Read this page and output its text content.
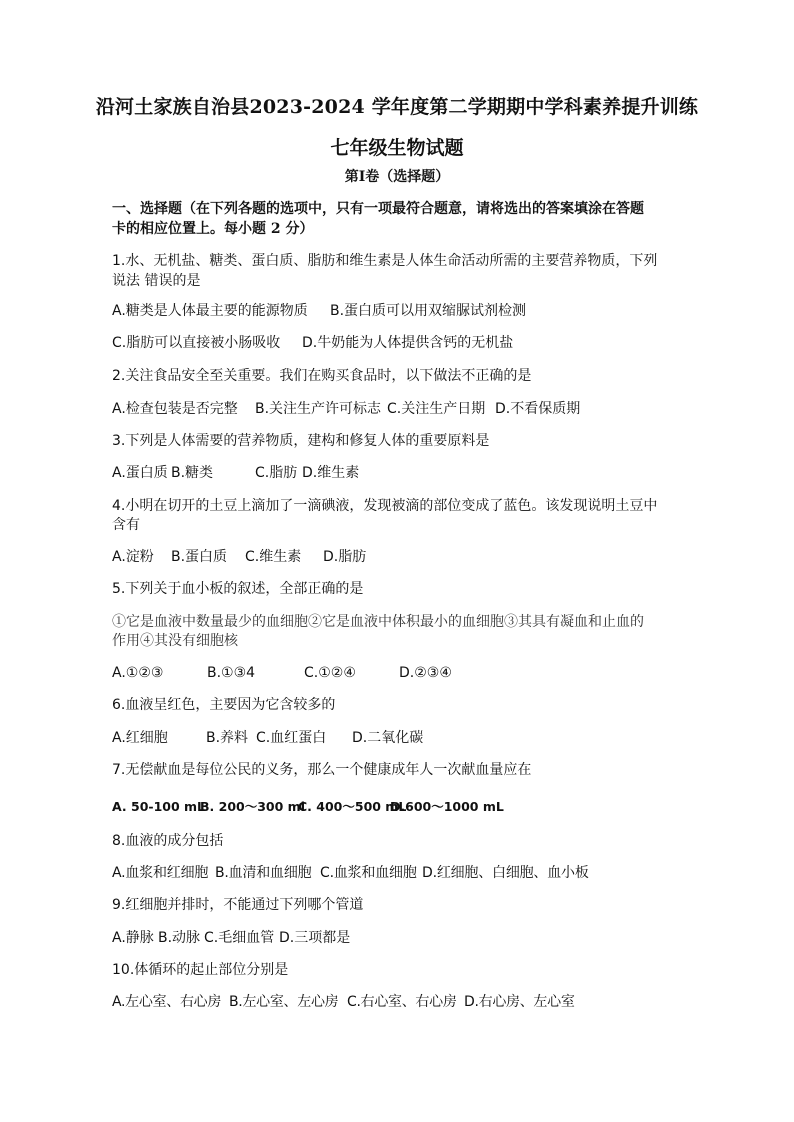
沿河土家族自治县2023-2024 学年度第二学期期中学科素养提升训练
七年级生物试题
第Ⅰ卷（选择题）
一、选择题（在下列各题的选项中，只有一项最符合题意，请将选出的答案填涂在答题
卡的相应位置上。每小题 2 分）
1.水、无机盐、糖类、蛋白质、脂肪和维生素是人体生命活动所需的主要营养物质，下列
说法 错误的是
A.糖类是人体最主要的能源物质 B.蛋白质可以用双缩脲试剂检测
C.脂肪可以直接被小肠吸收 D.牛奶能为人体提供含钙的无机盐
2.关注食品安全至关重要。我们在购买食品时，以下做法不正确的是
A.检查包装是否完整 B.关注生产许可标志 C.关注生产日期 D.不看保质期
3.下列是人体需要的营养物质，建构和修复人体的重要原料是
A.蛋白质 B.糖类	C.脂肪 D.维生素
4.小明在切开的土豆上滴加了一滴碘液，发现被滴的部位变成了蓝色。该发现说明土豆中
含有
A.淀粉 B.蛋白质 C.维生素 D.脂肪
5.下列关于血小板的叙述，全部正确的是
①它是血液中数量最少的血细胞②它是血液中体积最小的血细胞③其具有凝血和止血的
作用④其没有细胞核
A.①②③	B.①③4	C.①②④	D.②③④
6.血液呈红色，主要因为它含较多的
A.红细胞	B.养料 C.血红蛋白 D.二氧化碳
7.无偿献血是每位公民的义务，那么一个健康成年人一次献血量应在
A. 50-100 mLB. 200〜300 mlC. 400〜500 mLD.600〜1000 mL
8.血液的成分包括
A.血浆和红细胞 B.血清和血细胞 C.血浆和血细胞 D.红细胞、白细胞、血小板
9.红细胞并排时，不能通过下列哪个管道
A.静脉 B.动脉 C.毛细血管 D.三项都是
10.体循环的起止部位分别是
A.左心室、右心房 B.左心室、左心房 C.右心室、右心房 D.右心房、左心室
